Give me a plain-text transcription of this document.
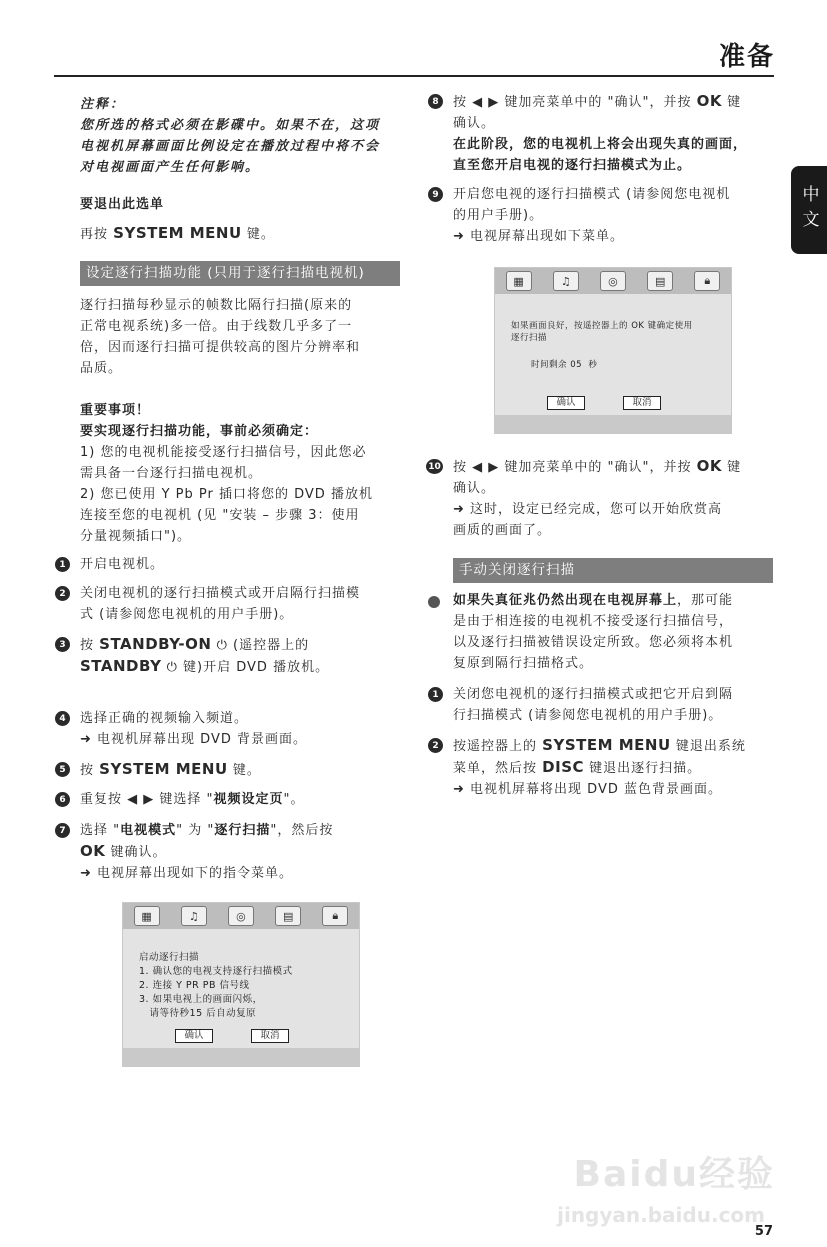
准备
中文
注释：
您所选的格式必须在影碟中。如果不在，这项
电视机屏幕画面比例设定在播放过程中将不会
对电视画面产生任何影响。
要退出此选单
再按 SYSTEM MENU 键。
设定逐行扫描功能 (只用于逐行扫描电视机)
逐行扫描每秒显示的帧数比隔行扫描(原来的
正常电视系统)多一倍。由于线数几乎多了一
倍，因而逐行扫描可提供较高的图片分辨率和
品质。
重要事项！
要实现逐行扫描功能，事前必须确定：
1) 您的电视机能接受逐行扫描信号，因此您必
需具备一台逐行扫描电视机。
2) 您已使用 Y Pb Pr 插口将您的 DVD 播放机
连接至您的电视机 (见 "安装 – 步骤 3：使用
分量视频插口")。
1	开启电视机。
2	关闭电视机的逐行扫描模式或开启隔行扫描模
式 (请参阅您电视机的用户手册)。
3	按 STANDBY-ON ⏻ (遥控器上的
STANDBY ⏻ 键)开启 DVD 播放机。
4	选择正确的视频输入频道。
➜ 电视机屏幕出现 DVD 背景画面。
5	按 SYSTEM MENU 键。
6	重复按 ◀ ▶ 键选择 "视频设定页"。
7	选择 "电视模式" 为 "逐行扫描"，然后按
OK 键确认。
➜ 电视屏幕出现如下的指令菜单。
▦	♫	◎	▤	🔒︎
启动逐行扫描
1. 确认您的电视支持逐行扫描模式
2. 连接 Y PR PB 信号线
3. 如果电视上的画面闪烁，
请等待秒15 后自动复原
确认	取消
8	按 ◀ ▶ 键加亮菜单中的 "确认"，并按 OK 键
确认。
在此阶段，您的电视机上将会出现失真的画面，
直至您开启电视的逐行扫描模式为止。
9	开启您电视的逐行扫描模式 (请参阅您电视机
的用户手册)。
➜ 电视屏幕出现如下菜单。
▦	♫	◎	▤	🔒︎
如果画面良好，按遥控器上的 OK 键确定使用
逐行扫描
时间剩余 05  秒
确认	取消
10 按 ◀ ▶ 键加亮菜单中的 "确认"，并按 OK 键
确认。
➜ 这时，设定已经完成，您可以开始欣赏高
画质的画面了。
手动关闭逐行扫描
如果失真征兆仍然出现在电视屏幕上，那可能
是由于相连接的电视机不接受逐行扫描信号，
以及逐行扫描被错误设定所致。您必须将本机
复原到隔行扫描格式。
1	关闭您电视机的逐行扫描模式或把它开启到隔
行扫描模式 (请参阅您电视机的用户手册)。
2	按遥控器上的 SYSTEM MENU 键退出系统
菜单，然后按 DISC 键退出逐行扫描。
➜ 电视机屏幕将出现 DVD 蓝色背景画面。
Baidu经验
jingyan.baidu.com
57
